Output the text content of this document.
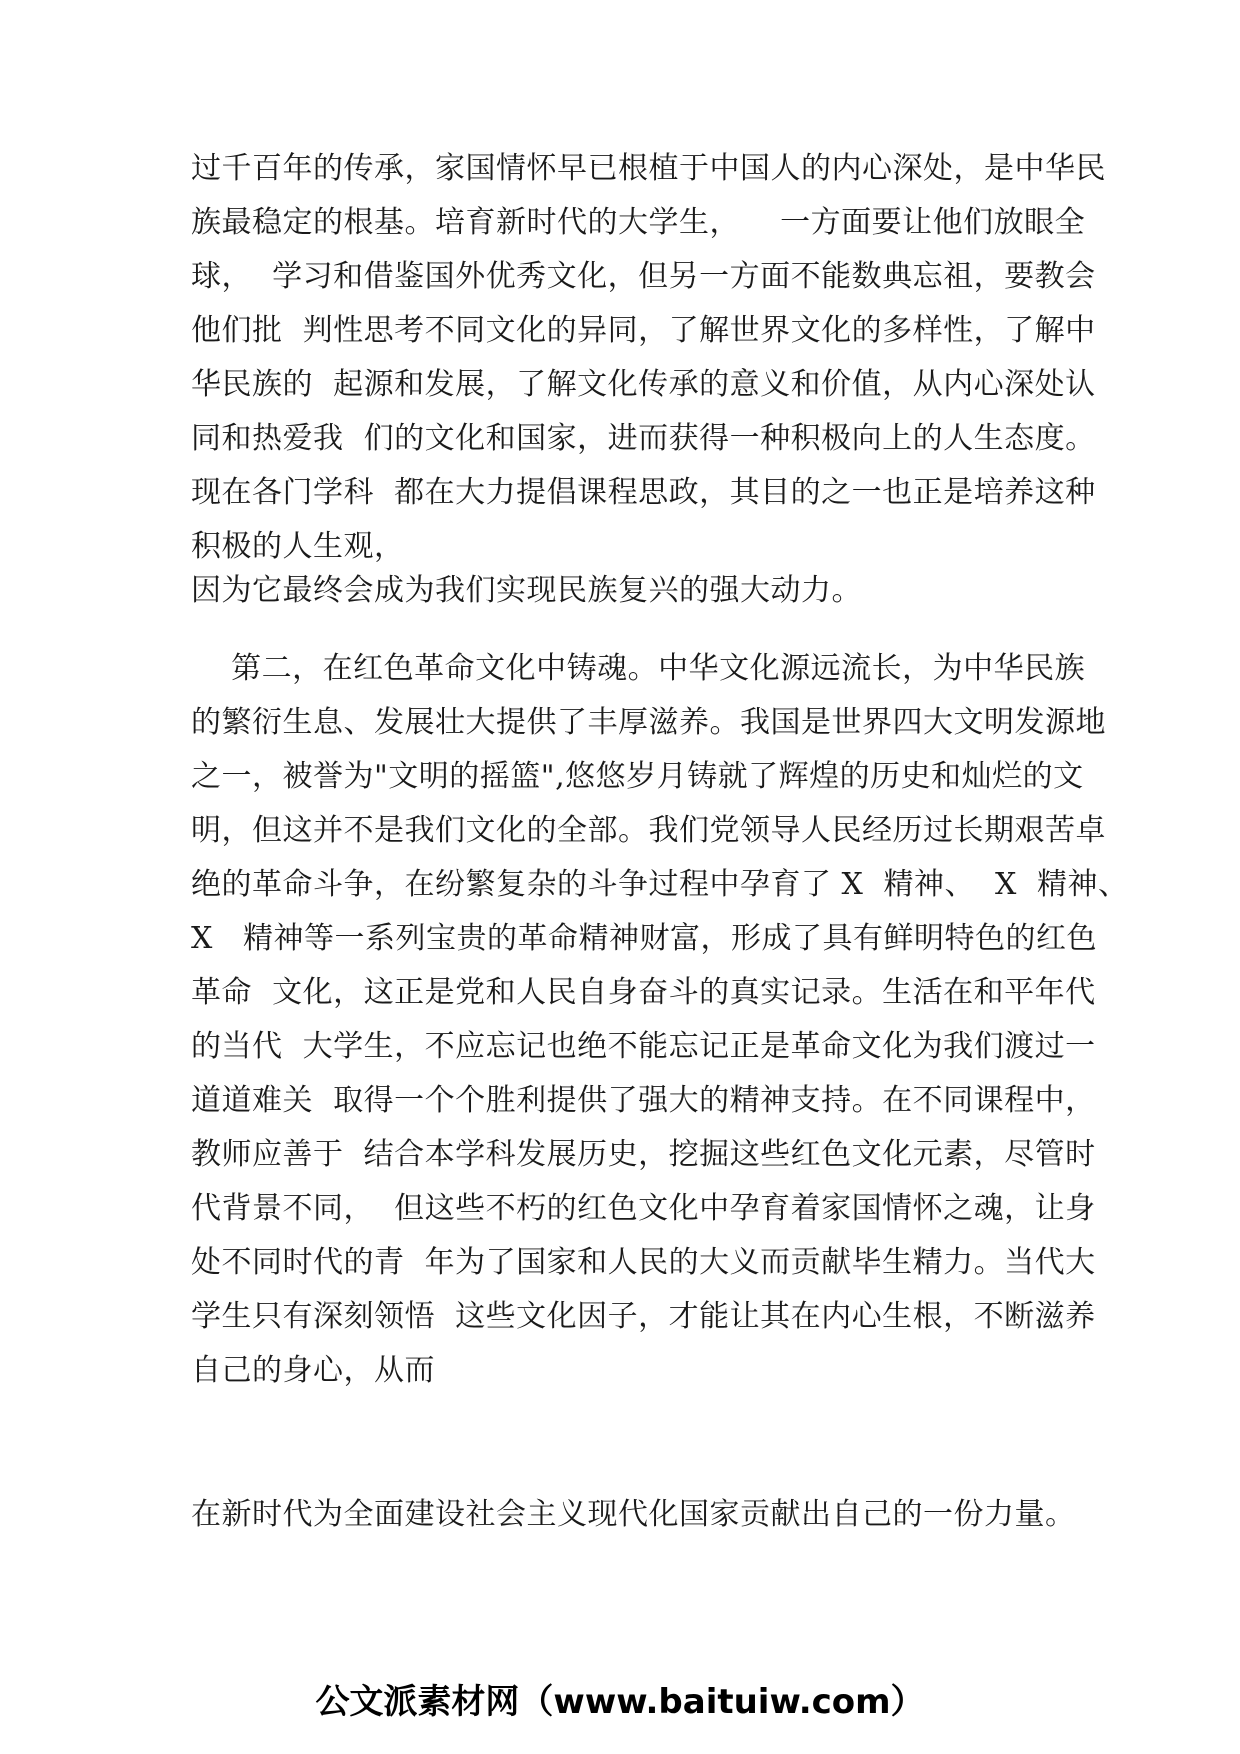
过千百年的传承，家国情怀早已根植于中国人的内心深处，是中华民
族最稳定的根基。培育新时代的大学生，    一方面要让他们放眼全
球，  学习和借鉴国外优秀文化，但另一方面不能数典忘祖，要教会
他们批  判性思考不同文化的异同，了解世界文化的多样性，了解中
华民族的  起源和发展，了解文化传承的意义和价值，从内心深处认
同和热爱我  们的文化和国家，进而获得一种积极向上的人生态度。
现在各门学科  都在大力提倡课程思政，其目的之一也正是培养这种
积极的人生观，
因为它最终会成为我们实现民族复兴的强大动力。
第二，在红色革命文化中铸魂。中华文化源远流长，为中华民族
的繁衍生息、发展壮大提供了丰厚滋养。我国是世界四大文明发源地
之一，被誉为"文明的摇篮",悠悠岁月铸就了辉煌的历史和灿烂的文
明，但这并不是我们文化的全部。我们党领导人民经历过长期艰苦卓
绝的革命斗争，在纷繁复杂的斗争过程中孕育了 X  精神、  X  精神、
X   精神等一系列宝贵的革命精神财富，形成了具有鲜明特色的红色
革命  文化，这正是党和人民自身奋斗的真实记录。生活在和平年代
的当代  大学生，不应忘记也绝不能忘记正是革命文化为我们渡过一
道道难关  取得一个个胜利提供了强大的精神支持。在不同课程中，
教师应善于  结合本学科发展历史，挖掘这些红色文化元素，尽管时
代背景不同，  但这些不朽的红色文化中孕育着家国情怀之魂，让身
处不同时代的青  年为了国家和人民的大义而贡献毕生精力。当代大
学生只有深刻领悟  这些文化因子，才能让其在内心生根，不断滋养
自己的身心，从而
在新时代为全面建设社会主义现代化国家贡献出自己的一份力量。
公文派素材网（www.baituiw.com）
